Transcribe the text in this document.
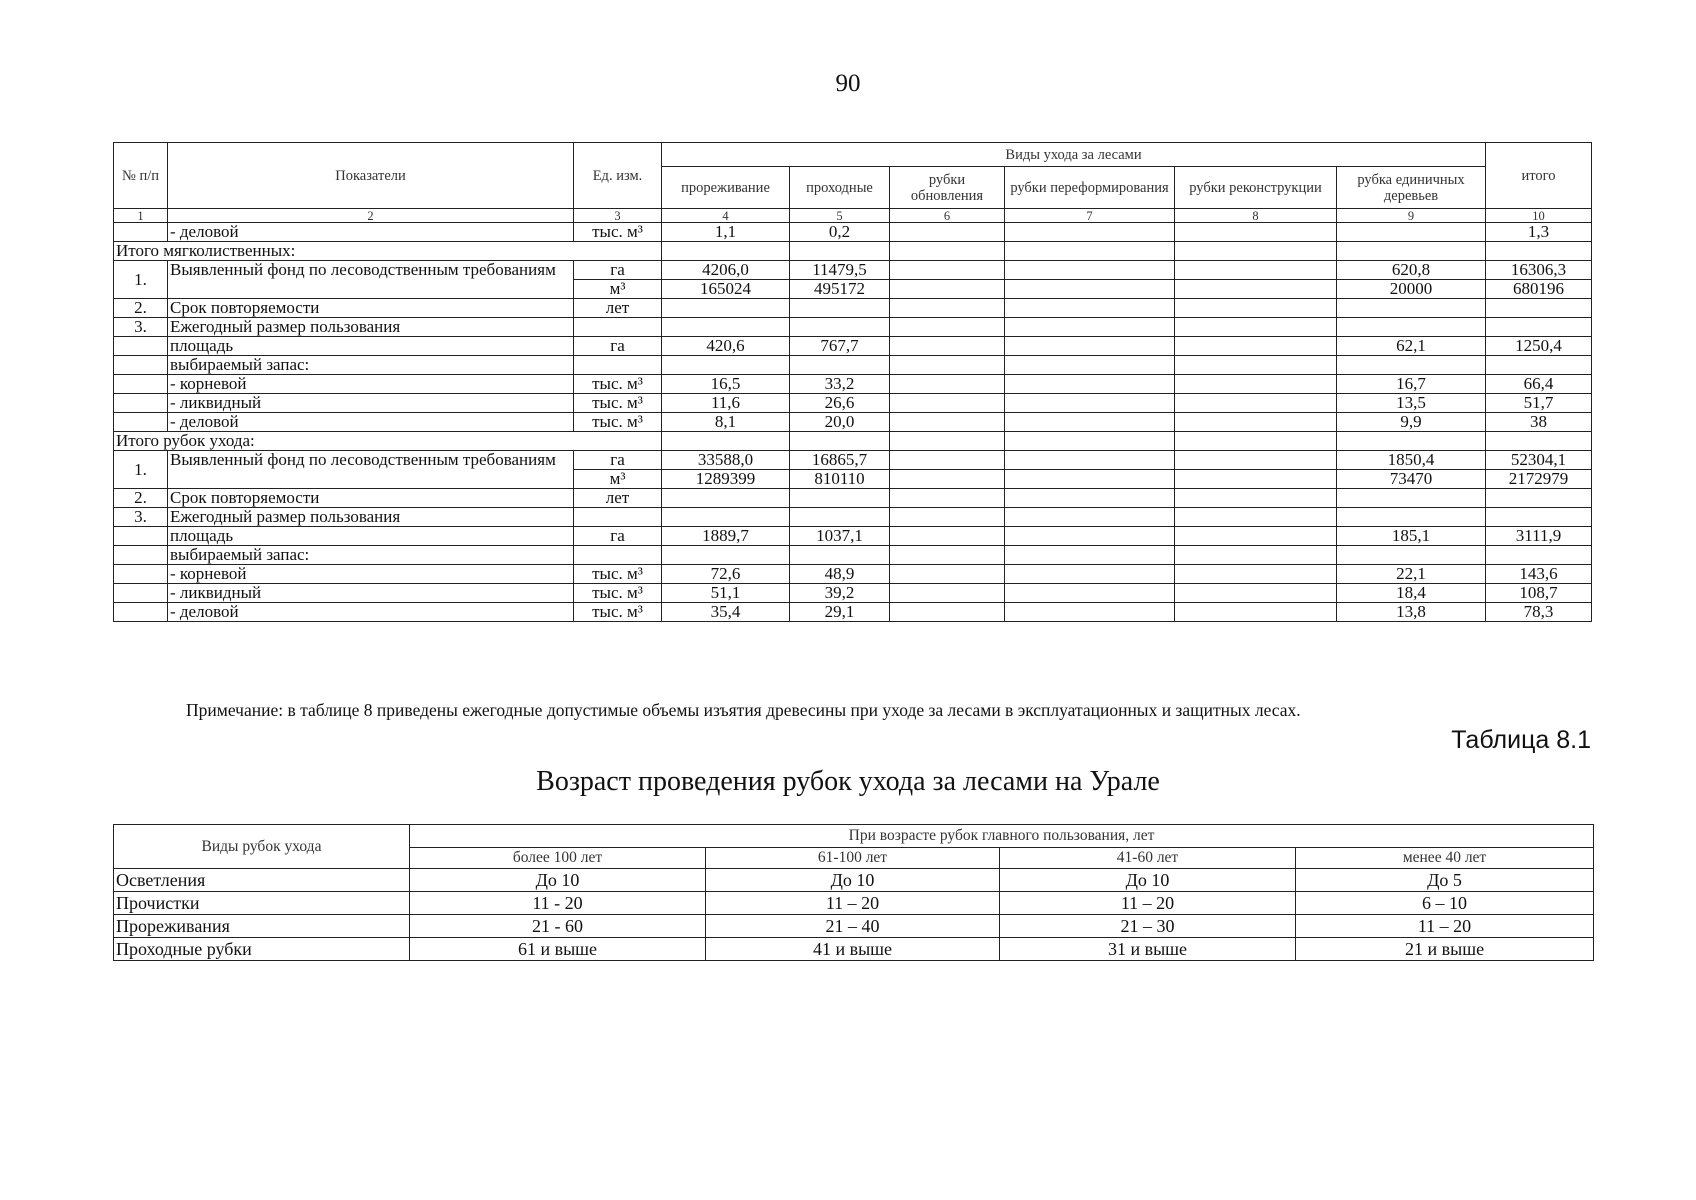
90
№ п/п	Показатели	Ед. изм.	Виды ухода за лесами						итого
			прореживание	проходные	рубки обновления	рубки переформирования	рубки реконструкции	рубка единичных деревьев	
1	2	3	4	5	6	7	8	9	10
	- деловой	тыс. м³	1,1	0,2					1,3
Итого мягколиственных:									
1.	Выявленный фонд по лесоводственным требованиям	га	4206,0	11479,5				620,8	16306,3
		м³	165024	495172				20000	680196
2.	Срок повторяемости	лет							
3.	Ежегодный размер пользования								
	площадь	га	420,6	767,7				62,1	1250,4
	выбираемый запас:								
	- корневой	тыс. м³	16,5	33,2				16,7	66,4
	- ликвидный	тыс. м³	11,6	26,6				13,5	51,7
	- деловой	тыс. м³	8,1	20,0				9,9	38
Итого рубок ухода:									
1.	Выявленный фонд по лесоводственным требованиям	га	33588,0	16865,7				1850,4	52304,1
		м³	1289399	810110				73470	2172979
2.	Срок повторяемости	лет							
3.	Ежегодный размер пользования								
	площадь	га	1889,7	1037,1				185,1	3111,9
	выбираемый запас:								
	- корневой	тыс. м³	72,6	48,9				22,1	143,6
	- ликвидный	тыс. м³	51,1	39,2				18,4	108,7
	- деловой	тыс. м³	35,4	29,1				13,8	78,3
Примечание: в таблице 8 приведены ежегодные допустимые объемы изъятия древесины при уходе за лесами в эксплуатационных и защитных лесах.
Таблица 8.1
Возраст проведения рубок ухода за лесами на Урале
Виды рубок ухода	При возрасте рубок главного пользования, лет			
	более 100 лет	61-100 лет	41-60 лет	менее 40 лет
Осветления	До 10	До 10	До 10	До 5
Прочистки	11 - 20	11 – 20	11 – 20	6 – 10
Прореживания	21 - 60	21 – 40	21 – 30	11 – 20
Проходные рубки	61 и выше	41 и выше	31 и выше	21 и выше
